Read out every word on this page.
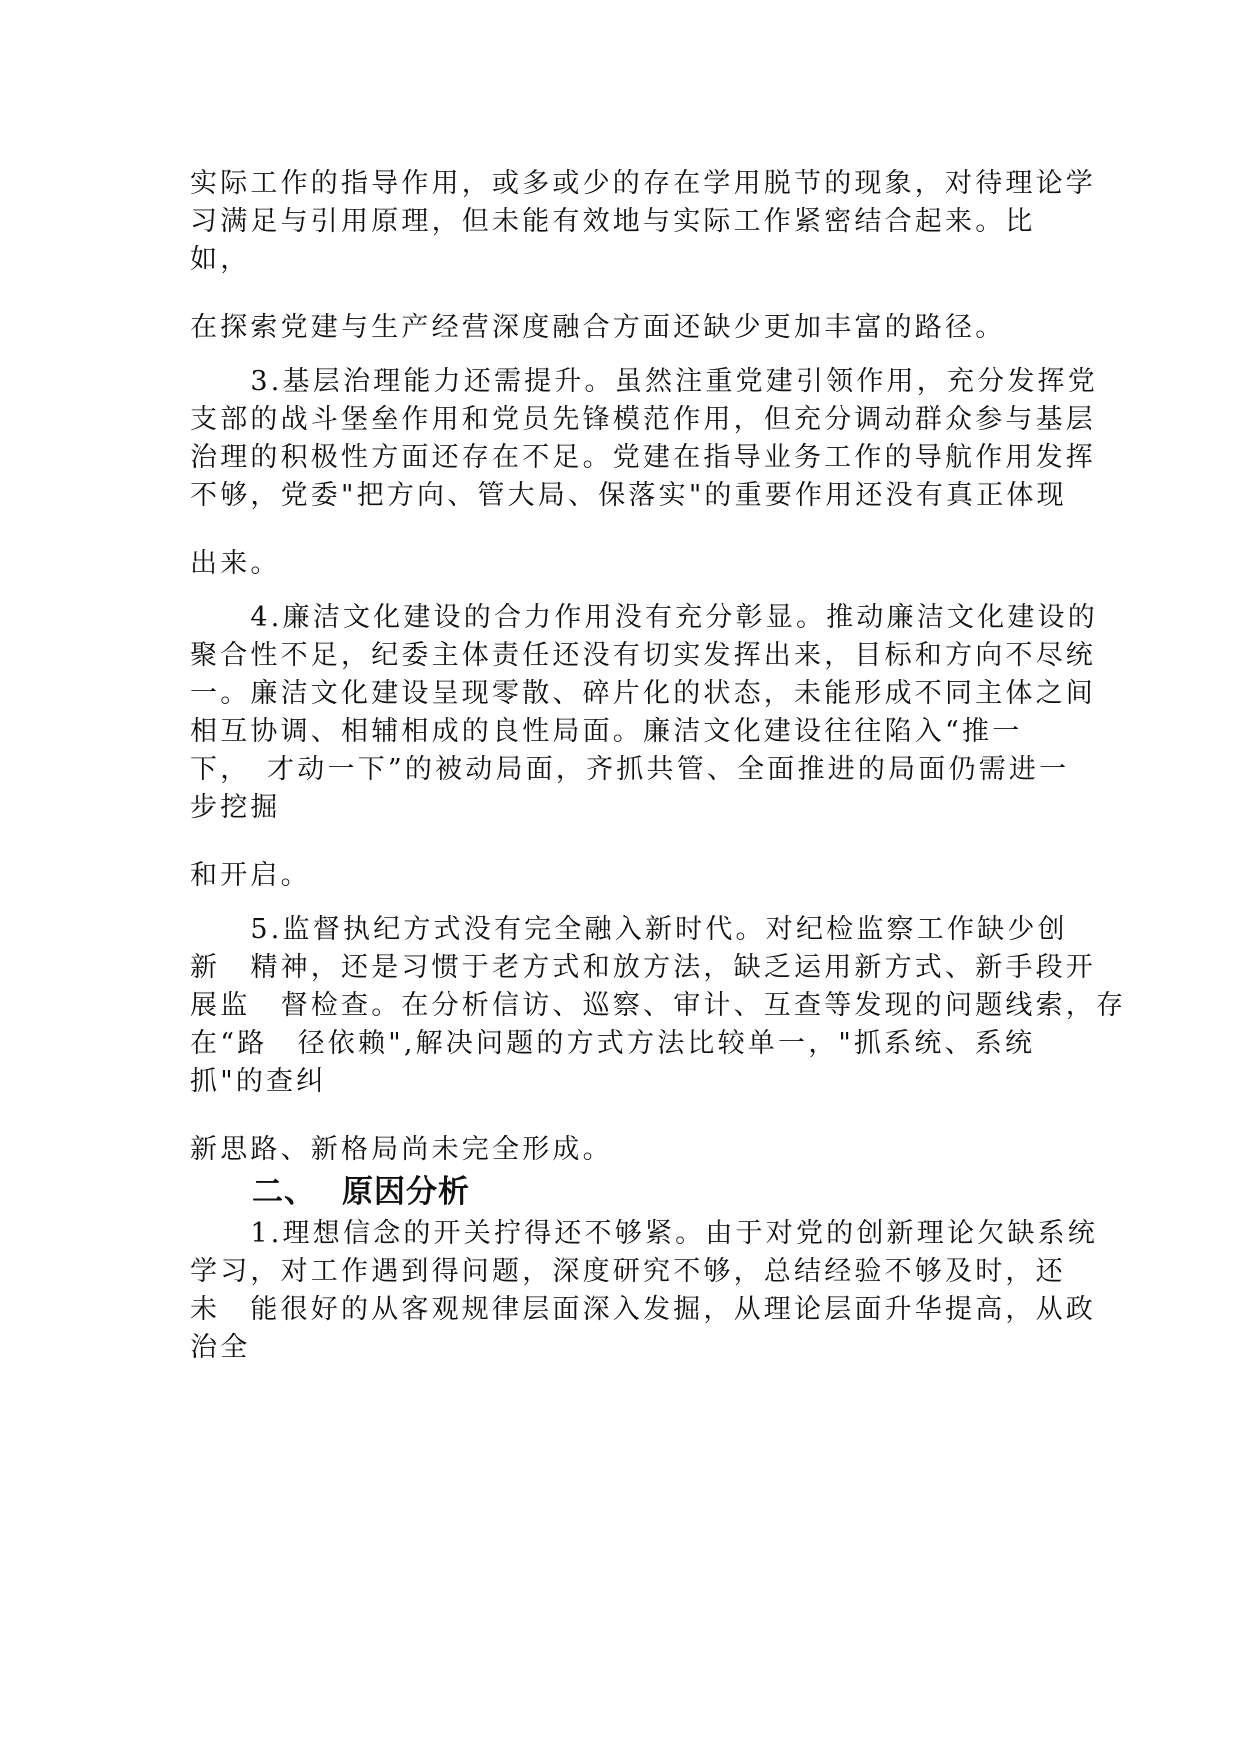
实际工作的指导作用，或多或少的存在学用脱节的现象，对待理论学

习满足与引用原理，但未能有效地与实际工作紧密结合起来。比

如，

在探索党建与生产经营深度融合方面还缺少更加丰富的路径。

　　3.基层治理能力还需提升。虽然注重党建引领作用，充分发挥党

支部的战斗堡垒作用和党员先锋模范作用，但充分调动群众参与基层

治理的积极性方面还存在不足。党建在指导业务工作的导航作用发挥

不够，党委"把方向、管大局、保落实"的重要作用还没有真正体现

出来。

　　4.廉洁文化建设的合力作用没有充分彰显。推动廉洁文化建设的

聚合性不足，纪委主体责任还没有切实发挥出来，目标和方向不尽统

一。廉洁文化建设呈现零散、碎片化的状态，未能形成不同主体之间

相互协调、相辅相成的良性局面。廉洁文化建设往往陷入“推一

下，　才动一下”的被动局面，齐抓共管、全面推进的局面仍需进一

步挖掘

和开启。

　　5.监督执纪方式没有完全融入新时代。对纪检监察工作缺少创

新　精神，还是习惯于老方式和放方法，缺乏运用新方式、新手段开

展监　督检查。在分析信访、巡察、审计、互查等发现的问题线索，存

在“路　径依赖",解决问题的方式方法比较单一，"抓系统、系统

抓"的查纠

新思路、新格局尚未完全形成。

二、 原因分析

　　1.理想信念的开关拧得还不够紧。由于对党的创新理论欠缺系统

学习，对工作遇到得问题，深度研究不够，总结经验不够及时，还

未　能很好的从客观规律层面深入发掘，从理论层面升华提高，从政

治全
